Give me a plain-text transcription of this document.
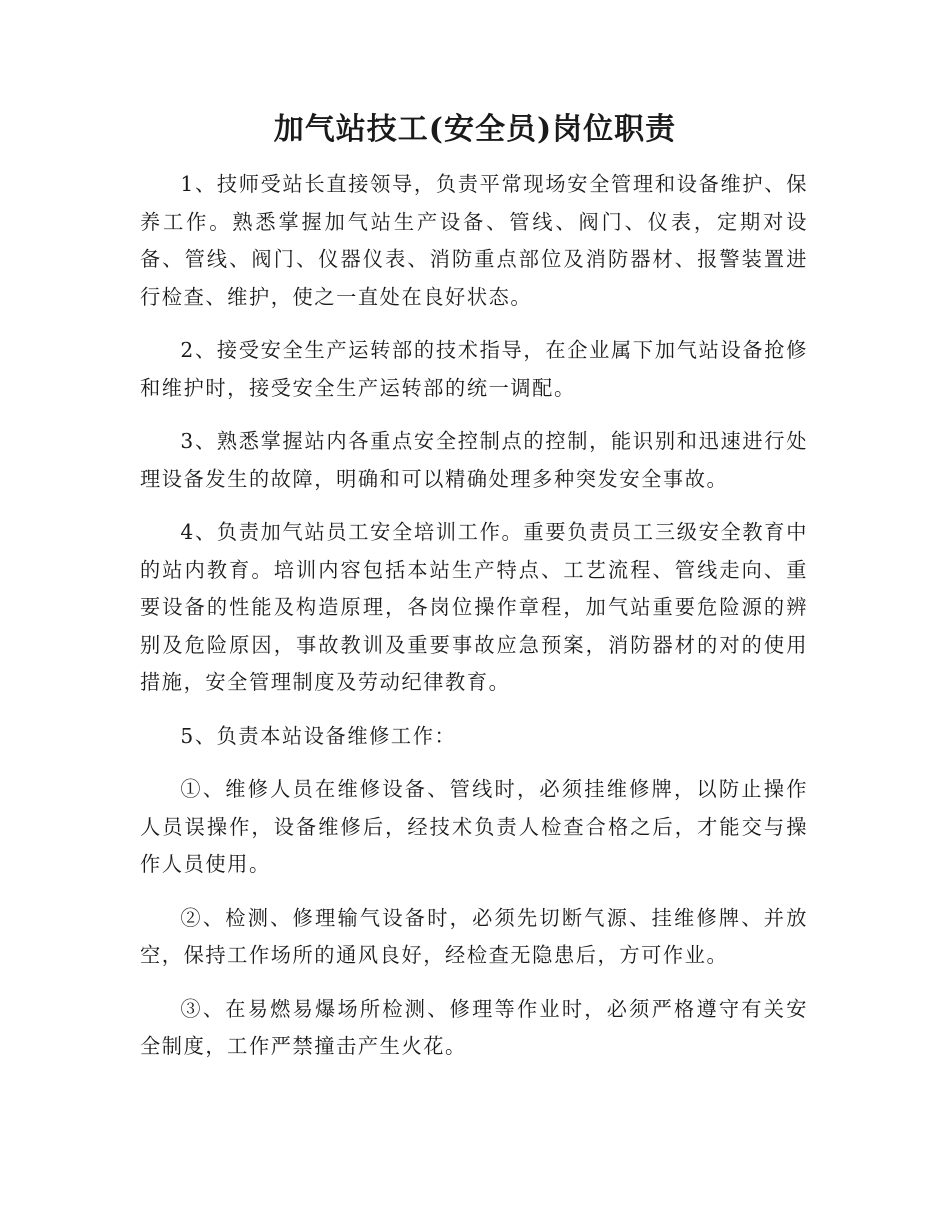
加气站技工(安全员)岗位职责

1、技师受站长直接领导，负责平常现场安全管理和设备维护、保养工作。熟悉掌握加气站生产设备、管线、阀门、仪表，定期对设备、管线、阀门、仪器仪表、消防重点部位及消防器材、报警装置进行检查、维护，使之一直处在良好状态。

2、接受安全生产运转部的技术指导，在企业属下加气站设备抢修和维护时，接受安全生产运转部的统一调配。

3、熟悉掌握站内各重点安全控制点的控制，能识别和迅速进行处理设备发生的故障，明确和可以精确处理多种突发安全事故。

4、负责加气站员工安全培训工作。重要负责员工三级安全教育中的站内教育。培训内容包括本站生产特点、工艺流程、管线走向、重要设备的性能及构造原理，各岗位操作章程，加气站重要危险源的辨别及危险原因，事故教训及重要事故应急预案，消防器材的对的使用措施，安全管理制度及劳动纪律教育。

5、负责本站设备维修工作：

①、维修人员在维修设备、管线时，必须挂维修牌，以防止操作人员误操作，设备维修后，经技术负责人检查合格之后，才能交与操作人员使用。

②、检测、修理输气设备时，必须先切断气源、挂维修牌、并放空，保持工作场所的通风良好，经检查无隐患后，方可作业。

③、在易燃易爆场所检测、修理等作业时，必须严格遵守有关安全制度，工作严禁撞击产生火花。
